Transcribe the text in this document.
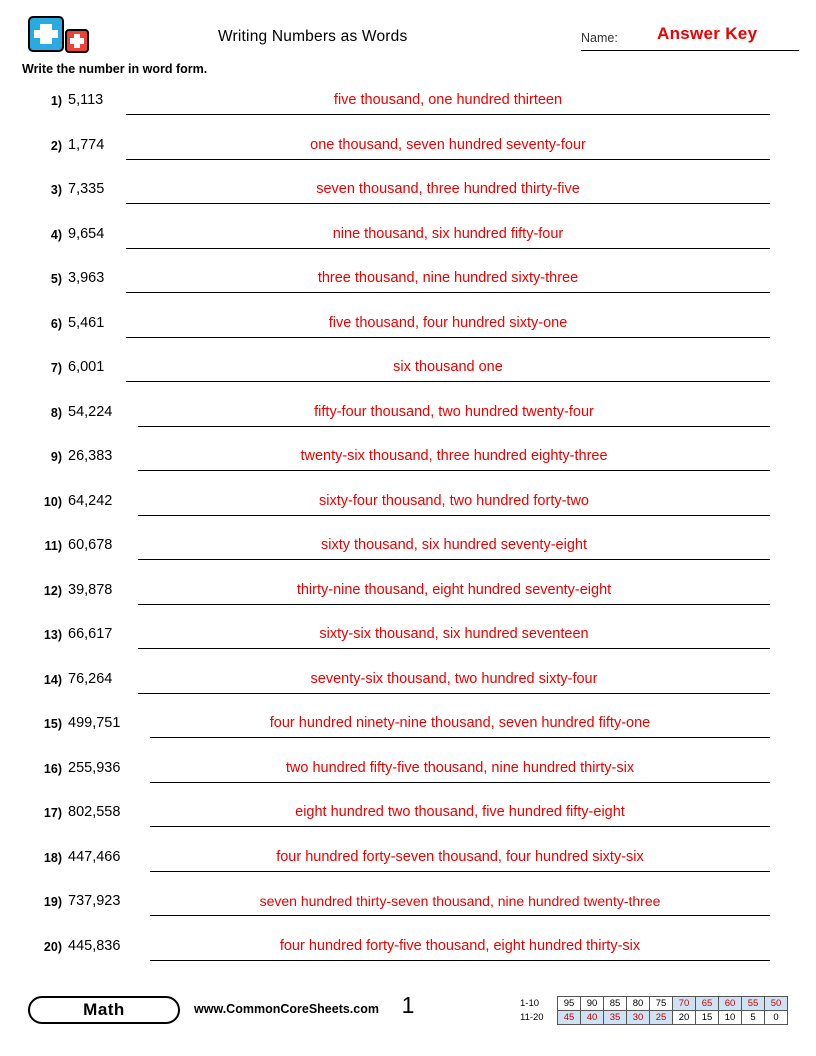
Writing Numbers as Words	Name: Answer Key
Write the number in word form.
1) 5,113	five thousand, one hundred thirteen
2) 1,774	one thousand, seven hundred seventy-four
3) 7,335	seven thousand, three hundred thirty-five
4) 9,654	nine thousand, six hundred fifty-four
5) 3,963	three thousand, nine hundred sixty-three
6) 5,461	five thousand, four hundred sixty-one
7) 6,001	six thousand one
8) 54,224	fifty-four thousand, two hundred twenty-four
9) 26,383	twenty-six thousand, three hundred eighty-three
10) 64,242	sixty-four thousand, two hundred forty-two
11) 60,678	sixty thousand, six hundred seventy-eight
12) 39,878	thirty-nine thousand, eight hundred seventy-eight
13) 66,617	sixty-six thousand, six hundred seventeen
14) 76,264	seventy-six thousand, two hundred sixty-four
15) 499,751	four hundred ninety-nine thousand, seven hundred fifty-one
16) 255,936	two hundred fifty-five thousand, nine hundred thirty-six
17) 802,558	eight hundred two thousand, five hundred fifty-eight
18) 447,466	four hundred forty-seven thousand, four hundred sixty-six
19) 737,923	seven hundred thirty-seven thousand, nine hundred twenty-three
20) 445,836	four hundred forty-five thousand, eight hundred thirty-six
Math	www.CommonCoreSheets.com 1	1-10	95	90	85	80	75	70	65	60	55	50
11-20	45	40	35	30	25	20	15	10	5	0
